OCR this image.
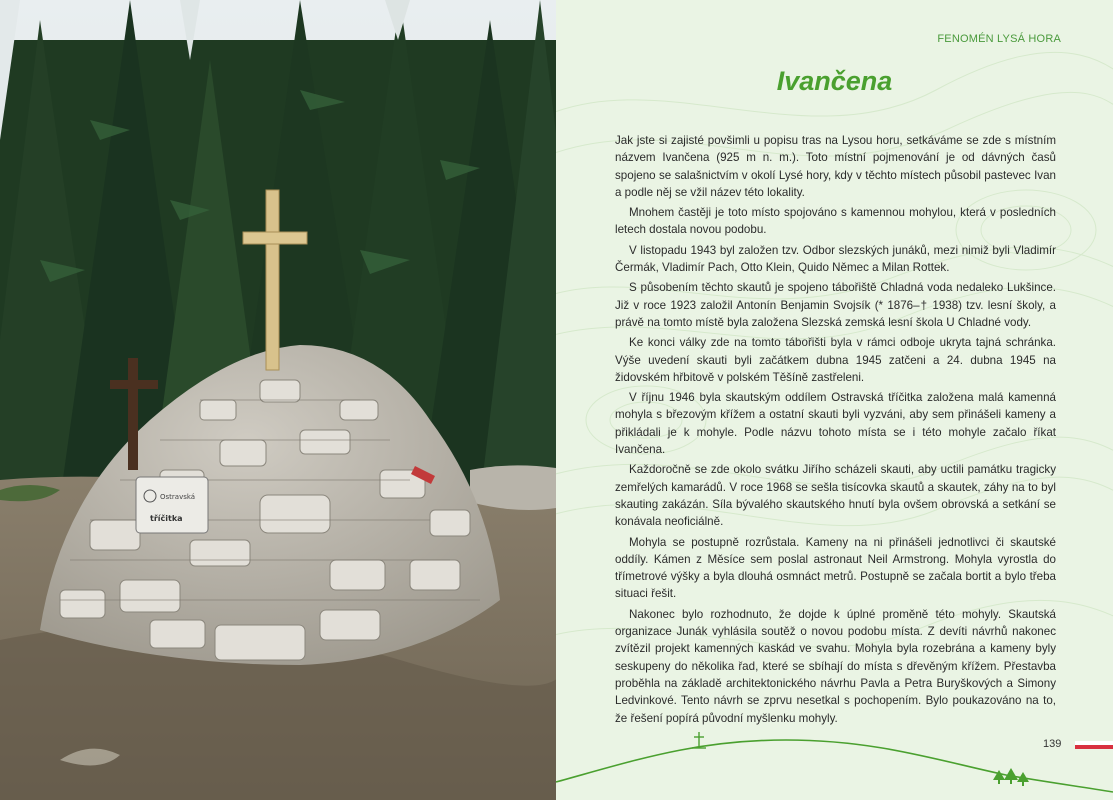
Ostravská
tříčitka
FENOMÉN LYSÁ HORA
Ivančena

Jak jste si zajisté povšimli u popisu tras na Lysou horu, setkáváme se zde s místním názvem Ivančena (925 m n. m.). Toto místní pojmenování je od dávných časů spojeno se salašnictvím v okolí Lysé hory, kdy v těchto místech působil pastevec Ivan a podle něj se vžil název této lokality.

Mnohem častěji je toto místo spojováno s kamennou mohylou, která v posledních letech dostala novou podobu.

V listopadu 1943 byl založen tzv. Odbor slezských junáků, mezi nimiž byli Vladimír Čermák, Vladimír Pach, Otto Klein, Quido Němec a Milan Rottek.

S působením těchto skautů je spojeno tábořiště Chladná voda nedaleko Lukšince. Již v roce 1923 založil Antonín Benjamin Svojsík (* 1876–† 1938) tzv. lesní školy, a právě na tomto místě byla založena Slezská zemská lesní škola U Chladné vody.

Ke konci války zde na tomto tábořišti byla v rámci odboje ukryta tajná schránka. Výše uvedení skauti byli začátkem dubna 1945 zatčeni a 24. dubna 1945 na židovském hřbitově v polském Těšíně zastřeleni.

V říjnu 1946 byla skautským oddílem Ostravská tříčitka založena malá kamenná mohyla s březovým křížem a ostatní skauti byli vyzváni, aby sem přinášeli kameny a přikládali je k mohyle. Podle názvu tohoto místa se i této mohyle začalo říkat Ivančena.

Každoročně se zde okolo svátku Jiřího scházeli skauti, aby uctili památku tragicky zemřelých kamarádů. V roce 1968 se sešla tisícovka skautů a skautek, záhy na to byl skauting zakázán. Síla bývalého skautského hnutí byla ovšem obrovská a setkání se konávala neoficiálně.

Mohyla se postupně rozrůstala. Kameny na ni přinášeli jednotlivci či skautské oddíly. Kámen z Měsíce sem poslal astronaut Neil Armstrong. Mohyla vyrostla do třímetrové výšky a byla dlouhá osmnáct metrů. Postupně se začala bortit a bylo třeba situaci řešit.

Nakonec bylo rozhodnuto, že dojde k úplné proměně této mohyly. Skautská organizace Junák vyhlásila soutěž o novou podobu místa. Z devíti návrhů nakonec zvítězil projekt kamenných kaskád ve svahu. Mohyla byla rozebrána a kameny byly seskupeny do několika řad, které se sbíhají do místa s dřevěným křížem. Přestavba proběhla na základě architektonického návrhu Pavla a Petra Buryškových a Simony Ledvinkové. Tento návrh se zprvu nesetkal s pochopením. Bylo poukazováno na to, že řešení popírá původní myšlenku mohyly.

139
